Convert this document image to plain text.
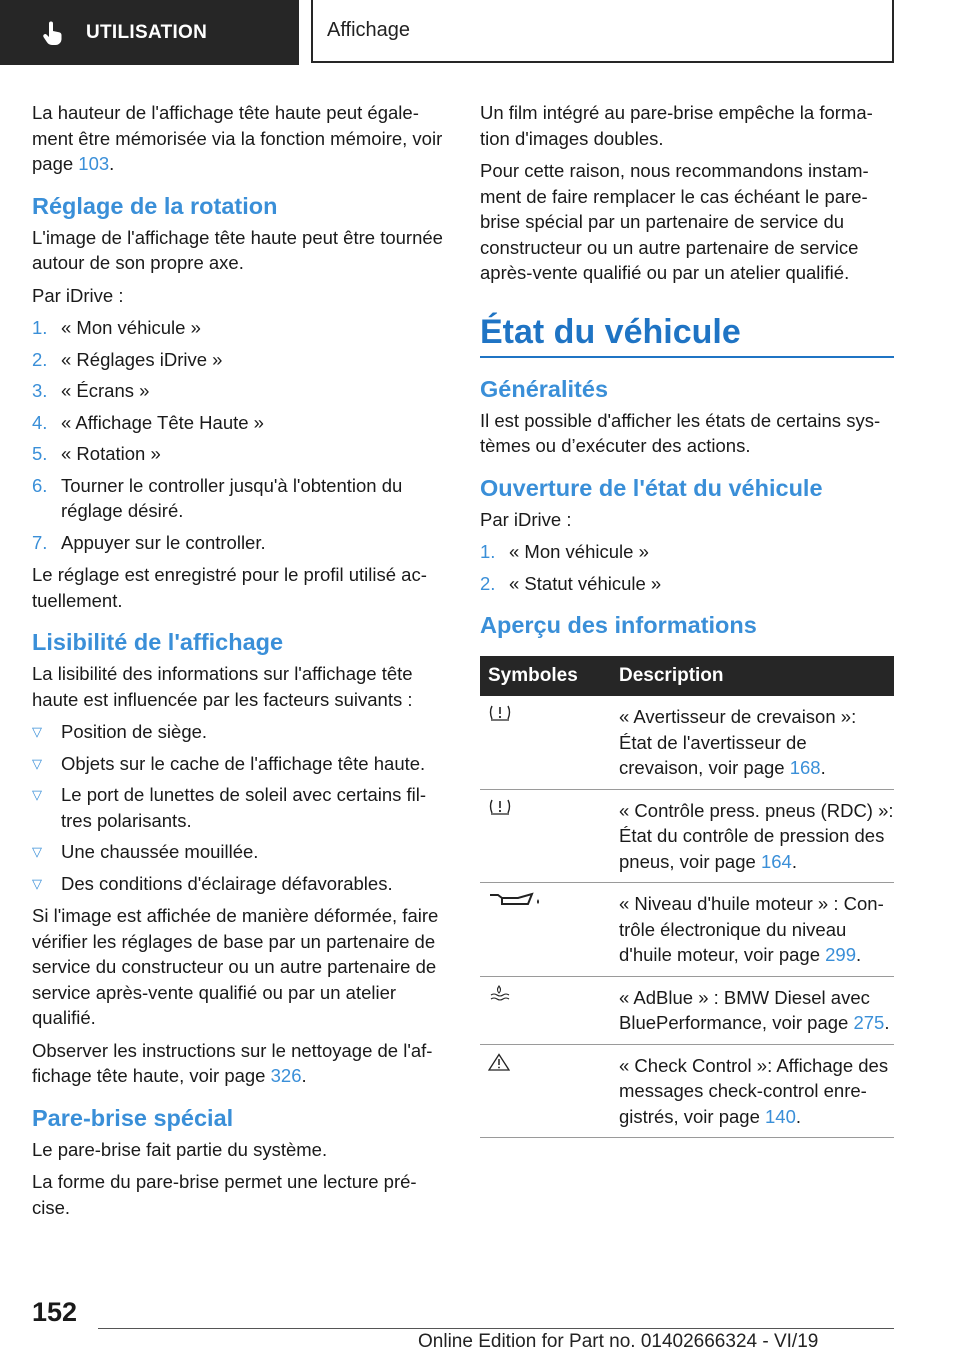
UTILISATION	Affichage

La hauteur de l'affichage tête haute peut également être mémorisée via la fonction mémoire, voir page 103.

Réglage de la rotation

L'image de l'affichage tête haute peut être tournée autour de son propre axe.

Par iDrive :

1. « Mon véhicule »
2. « Réglages iDrive »
3. « Écrans »
4. « Affichage Tête Haute »
5. « Rotation »
6. Tourner le controller jusqu'à l'obtention du réglage désiré.
7. Appuyer sur le controller.

Le réglage est enregistré pour le profil utilisé actuellement.

Lisibilité de l'affichage

La lisibilité des informations sur l'affichage tête haute est influencée par les facteurs suivants :

▽	Position de siège.
▽	Objets sur le cache de l'affichage tête haute.
▽	Le port de lunettes de soleil avec certains filtres polarisants.
▽	Une chaussée mouillée.
▽	Des conditions d'éclairage défavorables.

Si l'image est affichée de manière déformée, faire vérifier les réglages de base par un partenaire de service du constructeur ou un autre partenaire de service après-vente qualifié ou par un atelier qualifié.

Observer les instructions sur le nettoyage de l'affichage tête haute, voir page 326.

Pare-brise spécial

Le pare-brise fait partie du système.

La forme du pare-brise permet une lecture précise.

Un film intégré au pare-brise empêche la formation d'images doubles.

Pour cette raison, nous recommandons instamment de faire remplacer le cas échéant le pare-brise spécial par un partenaire de service du constructeur ou un autre partenaire de service après-vente qualifié ou par un atelier qualifié.

État du véhicule
Généralités

Il est possible d'afficher les états de certains systèmes ou d’exécuter des actions.

Ouverture de l'état du véhicule

Par iDrive :

1. « Mon véhicule »
2. « Statut véhicule »
Aperçu des informations
Symboles	Description

	« Avertisseur de crevaison »: État de l'avertisseur de crevaison, voir page 168.

	« Contrôle press. pneus (RDC) »: État du contrôle de pression des pneus, voir page 164.

	« Niveau d'huile moteur » : Contrôle électronique du niveau d'huile moteur, voir page 299.

	« AdBlue » : BMW Diesel avec BluePerformance, voir page 275.

	« Check Control »: Affichage des messages check-control enregistrés, voir page 140.
152
Online Edition for Part no. 01402666324 - VI/19
